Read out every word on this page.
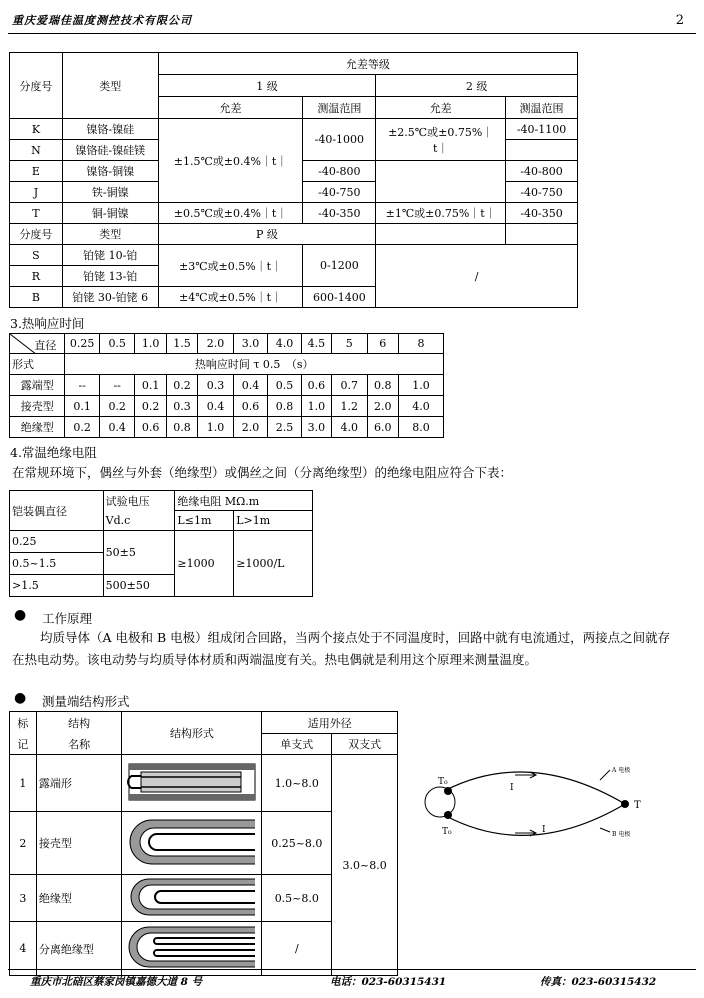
重庆爱瑞佳温度测控技术有限公司	2
分度号	类型	允差等级			
		1 级		2 级	
		允差	测温范围	允差	测温范围
K	镍铬-镍硅	±1.5℃或±0.4%｜t｜	-40-1000	±2.5℃或±0.75%｜
t｜	-40-1100
N	镍铬硅-镍硅镁				
E	镍铬-铜镍		-40-800		-40-800
J	铁-铜镍		-40-750		-40-750
T	铜-铜镍	±0.5℃或±0.4%｜t｜	-40-350	±1℃或±0.75%｜t｜	-40-350
分度号	类型	P 级			
S	铂铑 10-铂	±3℃或±0.5%｜t｜	0-1200	/	
R	铂铑 13-铂				
B	铂铑 30-铂铑 6	±4℃或±0.5%｜t｜	600-1400		
3.热响应时间
直径	0.25	0.5	1.0	1.5	2.0	3.0	4.0	4.5	5	6	8
形式	热响应时间 τ 0.5　（s）										
露端型	--	--	0.1	0.2	0.3	0.4	0.5	0.6	0.7	0.8	1.0
接壳型	0.1	0.2	0.2	0.3	0.4	0.6	0.8	1.0	1.2	2.0	4.0
绝缘型	0.2	0.4	0.6	0.8	1.0	2.0	2.5	3.0	4.0	6.0	8.0
4.常温绝缘电阻
在常规环境下，偶丝与外套（绝缘型）或偶丝之间（分离绝缘型）的绝缘电阻应符合下表：
铠装偶直径	试验电压	绝缘电阻 MΩ.m	
	Vd.c	L≤1m	L>1m
0.25	50±5	≥1000	≥1000/L
0.5~1.5			
>1.5	500±50		
● 工作原理
均质导体（A 电极和 B 电极）组成闭合回路，当两个接点处于不同温度时，回路中就有电流通过，两接点之间就存在热电动势。该电动势与均质导体材质和两端温度有关。热电偶就是利用这个原理来测量温度。
● 测量端结构形式
标	结构	结构形式	适用外径	
记	名称		单支式	双支式
1	露端形		1.0~8.0	3.0~8.0
2	接壳型		0.25~8.0	
3	绝缘型		0.5~8.0	
4	分离绝缘型		/	
T₀
T₀
T
I
I
A 电极
B 电极
重庆市北碚区蔡家岗镇嘉德大道 8 号	电话：023-60315431	传真：023-60315432
